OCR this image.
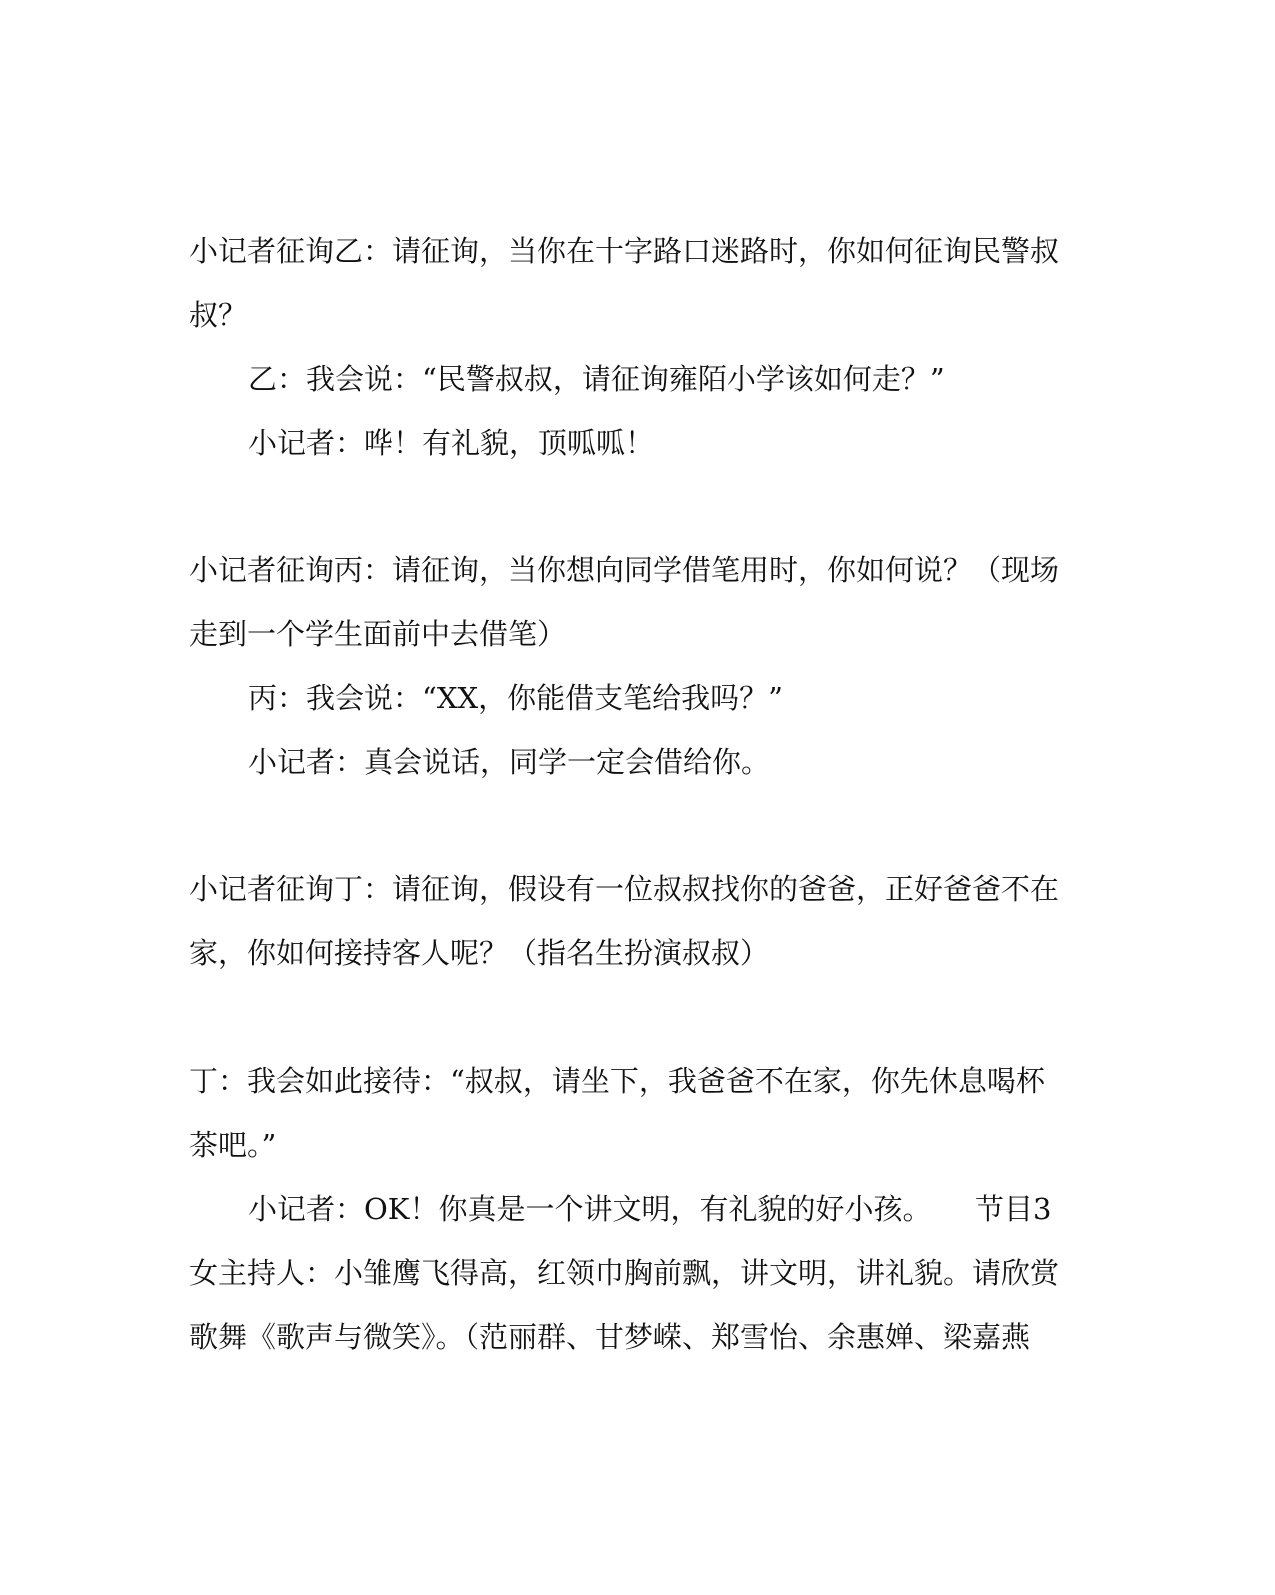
小记者征询乙：请征询，当你在十字路口迷路时，你如何征询民警叔
叔？
乙：我会说：“民警叔叔，请征询雍陌小学该如何走？”
小记者：哗！有礼貌，顶呱呱！
小记者征询丙：请征询，当你想向同学借笔用时，你如何说？（现场
走到一个学生面前中去借笔）
丙：我会说：“XX，你能借支笔给我吗？”
小记者：真会说话，同学一定会借给你。
小记者征询丁：请征询，假设有一位叔叔找你的爸爸，正好爸爸不在
家，你如何接持客人呢？（指名生扮演叔叔）
丁：我会如此接待：“叔叔，请坐下，我爸爸不在家，你先休息喝杯
茶吧。”
小记者：OK！你真是一个讲文明，有礼貌的好小孩。　　节目3
女主持人：小雏鹰飞得高，红领巾胸前飘，讲文明，讲礼貌。请欣赏
歌舞《歌声与微笑》。（范丽群、甘梦嵘、郑雪怡、余惠婵、梁嘉燕
